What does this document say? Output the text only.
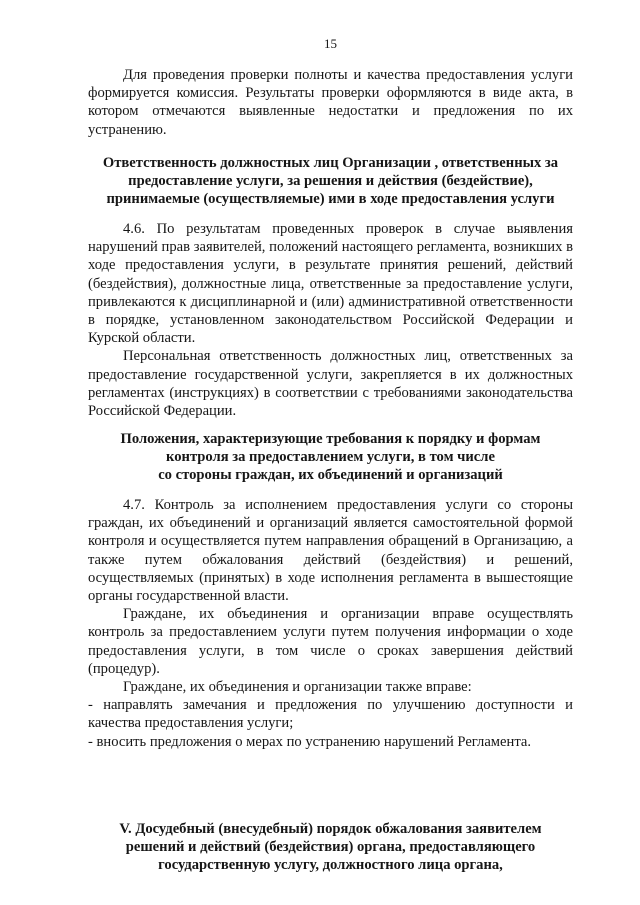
15

Для проведения проверки полноты и качества предоставления услуги формируется комиссия. Результаты проверки оформляются в виде акта, в котором отмечаются выявленные недостатки и предложения по их устранению.

Ответственность должностных лиц Организации , ответственных за
предоставление услуги, за решения и действия (бездействие),
принимаемые (осуществляемые) ими в ходе предоставления услуги

4.6. По результатам проведенных проверок в случае выявления нарушений прав заявителей, положений настоящего регламента, возникших в ходе предоставления услуги, в результате принятия решений, действий (бездействия), должностные лица, ответственные за предоставление услуги, привлекаются к дисциплинарной и (или) административной ответственности в порядке, установленном законодательством Российской Федерации и Курской области.

Персональная ответственность должностных лиц, ответственных за предоставление государственной услуги, закрепляется в их должностных регламентах (инструкциях) в соответствии с требованиями законодательства Российской Федерации.

Положения, характеризующие требования к порядку и формам
контроля за предоставлением услуги, в том числе
со стороны граждан, их объединений и организаций

4.7. Контроль за исполнением предоставления услуги со стороны граждан, их объединений и организаций является самостоятельной формой контроля и осуществляется путем направления обращений в Организацию, а также путем обжалования действий (бездействия) и решений, осуществляемых (принятых) в ходе исполнения регламента в вышестоящие органы государственной власти.

Граждане, их объединения и организации вправе осуществлять контроль за предоставлением услуги путем получения информации о ходе предоставления услуги, в том числе о сроках завершения действий (процедур).

Граждане, их объединения и организации также вправе:

- направлять замечания и предложения по улучшению доступности и качества предоставления услуги;

- вносить предложения о мерах по устранению нарушений Регламента.

V. Досудебный (внесудебный) порядок обжалования заявителем
решений и действий (бездействия) органа, предоставляющего
государственную услугу, должностного лица органа,
